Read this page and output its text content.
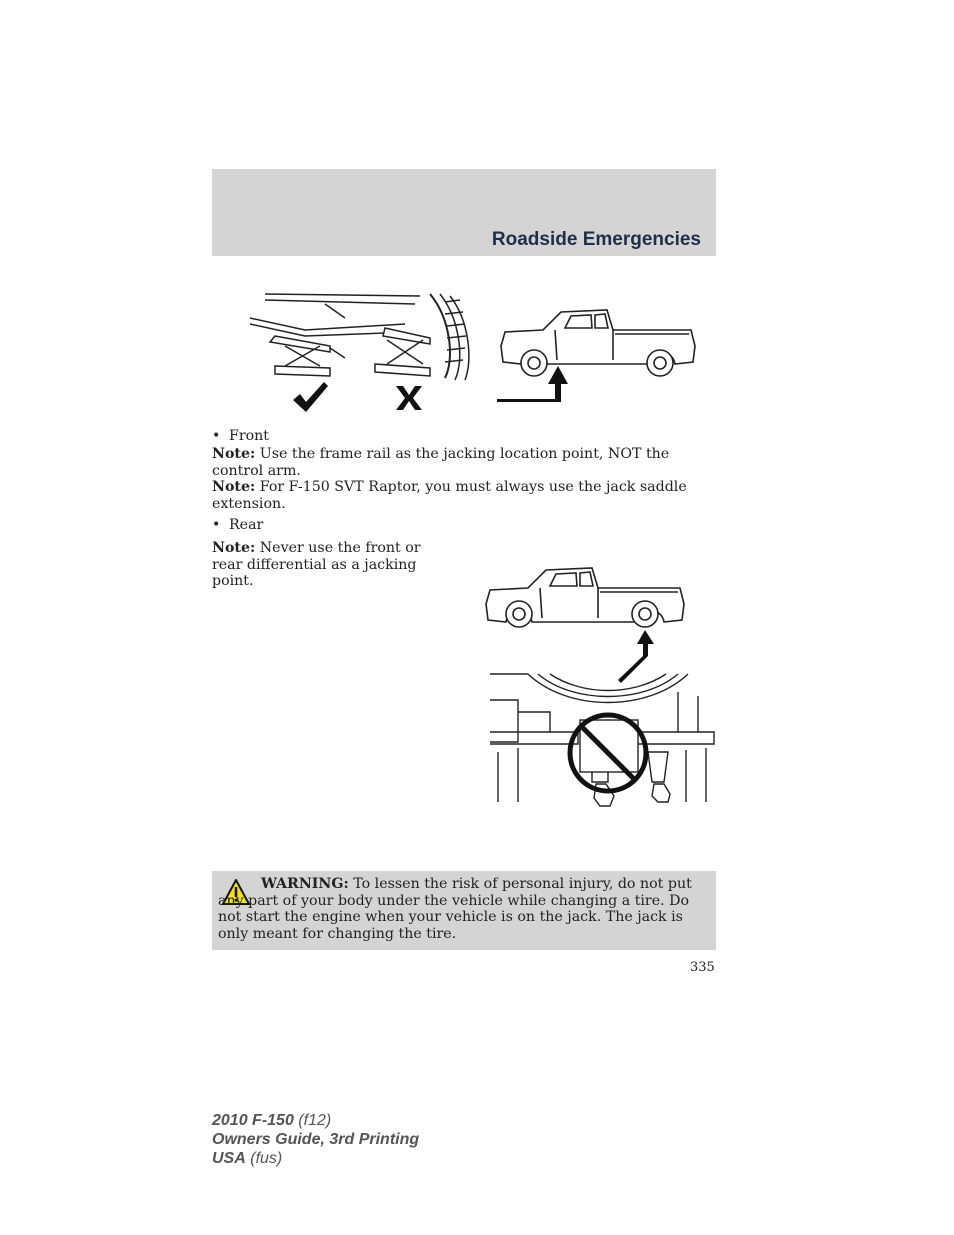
Roadside Emergencies
• Front
Note: Use the frame rail as the jacking location point, NOT the control arm.
Note: For F-150 SVT Raptor, you must always use the jack saddle extension.
• Rear
Note: Never use the front or rear differential as a jacking point.
WARNING: To lessen the risk of personal injury, do not put any part of your body under the vehicle while changing a tire. Do not start the engine when your vehicle is on the jack. The jack is only meant for changing the tire.
335
2010 F-150 (f12)
Owners Guide, 3rd Printing
USA (fus)
